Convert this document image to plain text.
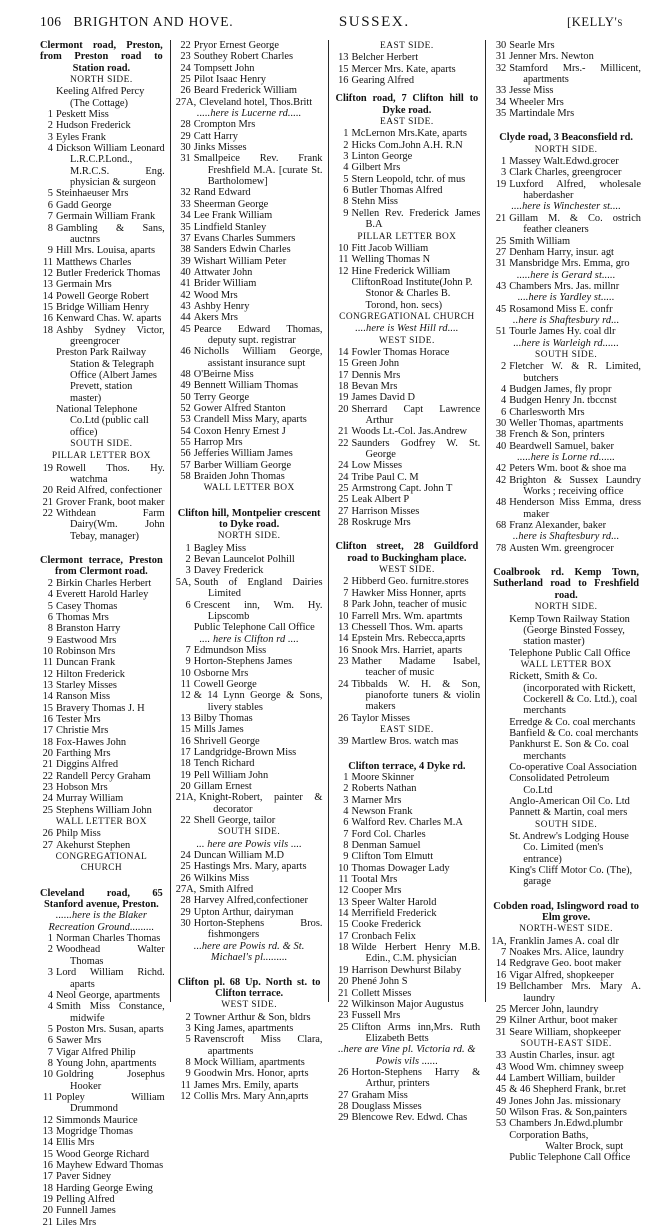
106 BRIGHTON AND HOVE.	SUSSEX.	[KELLY's
Clermont road, Preston, from Preston road to Station road.
NORTH SIDE.
Keeling Alfred Percy (The Cottage)
1 Peskett Miss
2 Hudson Frederick
3 Eyles Frank
4 Dickson William Leonard L.R.C.P.Lond., M.R.C.S. Eng. physician & surgeon
5 Steinhaeuser Mrs
6 Gadd George
7 Germain William Frank
8 Gambling & Sans, auctnrs
9 Hill Mrs. Louisa, aparts
11 Matthews Charles
12 Butler Frederick Thomas
13 Germain Mrs
14 Powell George Robert
15 Bridge William Henry
16 Kenward Chas. W. aparts
18 Ashby Sydney Victor, greengrocer
Preston Park Railway Station & Telegraph Office (Albert James Prevett, station master)
National Telephone Co.Ltd (public call office)
SOUTH SIDE.
PILLAR LETTER BOX
19 Rowell Thos. Hy. watchma
20 Reid Alfred, confectioner
21 Grover Frank, boot maker
22 Withdean Farm Dairy(Wm. John Tebay, manager)
Clermont terrace, Preston from Clermont road.
2 Birkin Charles Herbert
4 Everett Harold Harley
5 Casey Thomas
6 Thomas Mrs
8 Branston Harry
9 Eastwood Mrs
10 Robinson Mrs
11 Duncan Frank
12 Hilton Frederick
13 Starley Misses
14 Ranson Miss
15 Bravery Thomas J. H
16 Tester Mrs
17 Christie Mrs
18 Fox-Hawes John
20 Farthing Mrs
21 Diggins Alfred
22 Randell Percy Graham
23 Hobson Mrs
24 Murray William
25 Stephens William John
WALL LETTER BOX
26 Philp Miss
27 Akehurst Stephen
CONGREGATIONAL CHURCH
Cleveland road, 65 Stanford avenue, Preston.
......here is the Blaker Recreation Ground.........
1 Norman Charles Thomas
2 Woodhead Walter Thomas
3 Lord William Richd. aparts
4 Neol George, apartments
4 Smith Miss Constance, midwife
5 Poston Mrs. Susan, aparts
6 Sawer Mrs
7 Vigar Alfred Philip
8 Young John, apartments
10 Goldring Josephus Hooker
11 Popley William Drummond
12 Simmonds Maurice
13 Mogridge Thomas
14 Ellis Mrs
15 Wood George Richard
16 Mayhew Edward Thomas
17 Paver Sidney
18 Harding George Ewing
19 Pelling Alfred
20 Funnell James
21 Liles Mrs
22 Pryor Ernest George
23 Southey Robert Charles
24 Tompsett John
25 Pilot Isaac Henry
26 Beard Frederick William
27A, Cleveland hotel, Thos.Britt
.....here is Lucerne rd.....
28 Crompton Mrs
29 Catt Harry
30 Jinks Misses
31 Smallpeice Rev. Frank Freshfield M.A. [curate St. Bartholomew]
32 Rand Edward
33 Sheerman George
34 Lee Frank William
35 Lindfield Stanley
37 Evans Charles Summers
38 Sanders Edwin Charles
39 Wishart William Peter
40 Attwater John
41 Brider William
42 Wood Mrs
43 Ashby Henry
44 Akers Mrs
45 Pearce Edward Thomas, deputy supt. registrar
46 Nicholls William George, assistant insurance supt
48 O'Beirne Miss
49 Bennett William Thomas
50 Terry George
52 Gower Alfred Stanton
53 Crandell Miss Mary, aparts
54 Coxon Henry Ernest J
55 Harrop Mrs
56 Jefferies William James
57 Barber William George
58 Braiden John Thomas
WALL LETTER BOX
Clifton hill, Montpelier crescent to Dyke road.
NORTH SIDE.
1 Bagley Miss
2 Bevan Launcelot Polhill
3 Davey Frederick
5A, South of England Dairies Limited
6 Crescent inn, Wm. Hy. Lipscomb
Public Telephone Call Office
.... here is Clifton rd ....
7 Edmundson Miss
9 Horton-Stephens James
10 Osborne Mrs
11 Cowell George
12 & 14 Lynn George & Sons, livery stables
13 Bilby Thomas
15 Mills James
16 Shrivell George
17 Landgridge-Brown Miss
18 Tench Richard
19 Pell William John
20 Gillam Ernest
21A, Knight-Robert, painter & decorator
22 Shell George, tailor
SOUTH SIDE.
... here are Powis vils ....
24 Duncan William M.D
25 Hastings Mrs. Mary, aparts
26 Wilkins Miss
27A, Smith Alfred
28 Harvey Alfred,confectioner
29 Upton Arthur, dairyman
30 Horton-Stephens Bros. fishmongers
...here are Powis rd. & St. Michael's pl.........
Clifton pl. 68 Up. North st. to Clifton terrace.
WEST SIDE.
2 Towner Arthur & Son, bldrs
3 King James, apartments
5 Ravenscroft Miss Clara, apartments
8 Mock William, apartments
9 Goodwin Mrs. Honor, aprts
11 James Mrs. Emily, aparts
12 Collis Mrs. Mary Ann,aprts
EAST SIDE.
13 Belcher Herbert
15 Mercer Mrs. Kate, aparts
16 Gearing Alfred
Clifton road, 7 Clifton hill to Dyke road.
EAST SIDE.
1 McLernon Mrs.Kate, aparts
2 Hicks Com.John A.H. R.N
3 Linton George
4 Gilbert Mrs
5 Stern Leopold, tchr. of mus
6 Butler Thomas Alfred
8 Stehn Miss
9 Nellen Rev. Frederick James B.A
PILLAR LETTER BOX
10 Fitt Jacob William
11 Welling Thomas N
12 Hine Frederick William
CliftonRoad Institute(John P. Stonor & Charles B. Torond, hon. secs)
CONGREGATIONAL CHURCH
....here is West Hill rd....
WEST SIDE.
14 Fowler Thomas Horace
15 Green John
17 Dennis Mrs
18 Bevan Mrs
19 James David D
20 Sherrard Capt Lawrence Arthur
21 Woods Lt.-Col. Jas.Andrew
22 Saunders Godfrey W. St. George
24 Low Misses
24 Tribe Paul C. M
25 Armstrong Capt. John T
25 Leak Albert P
27 Harrison Misses
28 Roskruge Mrs
Clifton street, 28 Guildford road to Buckingham place.
WEST SIDE.
2 Hibberd Geo. furnitre.stores
7 Hawker Miss Honner, aprts
8 Park John, teacher of music
10 Farrell Mrs. Wm. apartmts
13 Chessell Thos. Wm. aparts
14 Epstein Mrs. Rebecca,aprts
16 Snook Mrs. Harriet, aparts
23 Mather Madame Isabel, teacher of music
24 Tibbalds W. H. & Son, pianoforte tuners & violin makers
26 Taylor Misses
EAST SIDE.
39 Martlew Bros. watch mas
Clifton terrace, 4 Dyke rd.
1 Moore Skinner
2 Roberts Nathan
3 Marner Mrs
4 Newson Frank
6 Walford Rev. Charles M.A
7 Ford Col. Charles
8 Denman Samuel
9 Clifton Tom Elmutt
10 Thomas Dowager Lady
11 Tootal Mrs
12 Cooper Mrs
13 Speer Walter Harold
14 Merrifield Frederick
15 Cooke Frederick
17 Cronbach Felix
18 Wilde Herbert Henry M.B. Edin., C.M. physician
19 Harrison Dewhurst Bilaby
20 Phené John S
21 Collett Misses
22 Wilkinson Major Augustus
23 Fussell Mrs
25 Clifton Arms inn,Mrs. Ruth Elizabeth Betts
..here are Vine pl. Victoria rd. & Powis vils ......
26 Horton-Stephens Harry & Arthur, printers
27 Graham Miss
28 Douglass Misses
29 Blencowe Rev. Edwd. Chas
30 Searle Mrs
31 Jenner Mrs. Newton
32 Stamford Mrs.- Millicent, apartments
33 Jesse Miss
34 Wheeler Mrs
35 Martindale Mrs
Clyde road, 3 Beaconsfield rd.
NORTH SIDE.
1 Massey Walt.Edwd.grocer
3 Clark Charles, greengrocer
19 Luxford Alfred, wholesale haberdasher
....here is Winchester st....
21 Gillam M. & Co. ostrich feather cleaners
25 Smith William
27 Denham Harry, insur. agt
31 Mansbridge Mrs. Emma, gro
.....here is Gerard st.....
43 Chambers Mrs. Jas. millnr
....here is Yardley st.....
45 Rosamond Miss E. confr
..here is Shaftesbury rd...
51 Tourle James Hy. coal dlr
...here is Warleigh rd......
SOUTH SIDE.
2 Fletcher W. & R. Limited, butchers
4 Budgen James, fly propr
4 Budgen Henry Jn. tbccnst
6 Charlesworth Mrs
30 Weller Thomas, apartments
38 French & Son, printers
40 Beardwell Samuel, baker
.....here is Lorne rd......
42 Peters Wm. boot & shoe ma
42 Brighton & Sussex Laundry Works ; receiving office
48 Henderson Miss Emma, dress maker
68 Franz Alexander, baker
..here is Shaftesbury rd...
78 Austen Wm. greengrocer
Coalbrook rd. Kemp Town, Sutherland road to Freshfield road.
NORTH SIDE.
Kemp Town Railway Station (George Binsted Fossey, station master)
Telephone Public Call Office
WALL LETTER BOX
Rickett, Smith & Co. (incorporated with Rickett, Cockerell & Co. Ltd.), coal merchants
Erredge & Co. coal merchants
Banfield & Co. coal merchants
Pankhurst E. Son & Co. coal merchants
Co-operative Coal Association
Consolidated Petroleum Co.Ltd
Anglo-American Oil Co. Ltd
Pannett & Martin, coal mers
SOUTH SIDE.
St. Andrew's Lodging House Co. Limited (men's entrance)
King's Cliff Motor Co. (The), garage
Cobden road, Islingword road to Elm grove.
NORTH-WEST SIDE.
1A, Franklin James A. coal dlr
7 Noakes Mrs. Alice, laundry
14 Redgrave Geo. boot maker
16 Vigar Alfred, shopkeeper
19 Bellchamber Mrs. Mary A. laundry
25 Mercer John, laundry
29 Kilner Arthur, boot maker
31 Seare William, shopkeeper
SOUTH-EAST SIDE.
33 Austin Charles, insur. agt
43 Wood Wm. chimney sweep
44 Lambert William, builder
45 & 46 Shepherd Frank, br.ret
49 Jones John Jas. missionary
50 Wilson Fras. & Son,painters
53 Chambers Jn.Edwd.plumbr
Corporation Baths,
Walter Brock, supt
Public Telephone Call Office
